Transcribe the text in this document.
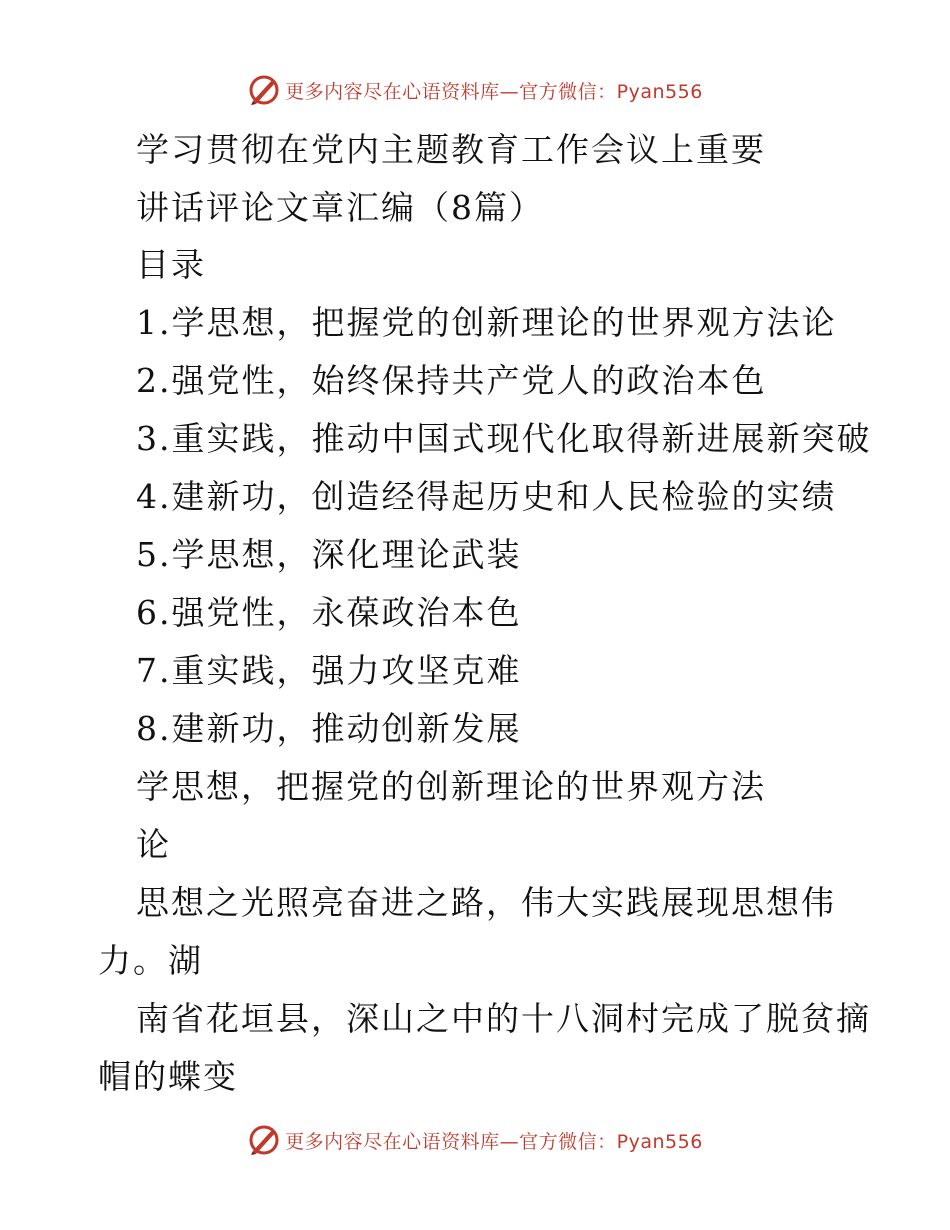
更多内容尽在心语资料库—官方微信：Pyan556
学习贯彻在党内主题教育工作会议上重要
讲话评论文章汇编（8篇）
目录
1.学思想，把握党的创新理论的世界观方法论
2.强党性，始终保持共产党人的政治本色
3.重实践，推动中国式现代化取得新进展新突破
4.建新功，创造经得起历史和人民检验的实绩
5.学思想，深化理论武装
6.强党性，永葆政治本色
7.重实践，强力攻坚克难
8.建新功，推动创新发展
学思想，把握党的创新理论的世界观方法
论
思想之光照亮奋进之路，伟大实践展现思想伟
力。湖
南省花垣县，深山之中的十八洞村完成了脱贫摘
帽的蝶变
更多内容尽在心语资料库—官方微信：Pyan556
